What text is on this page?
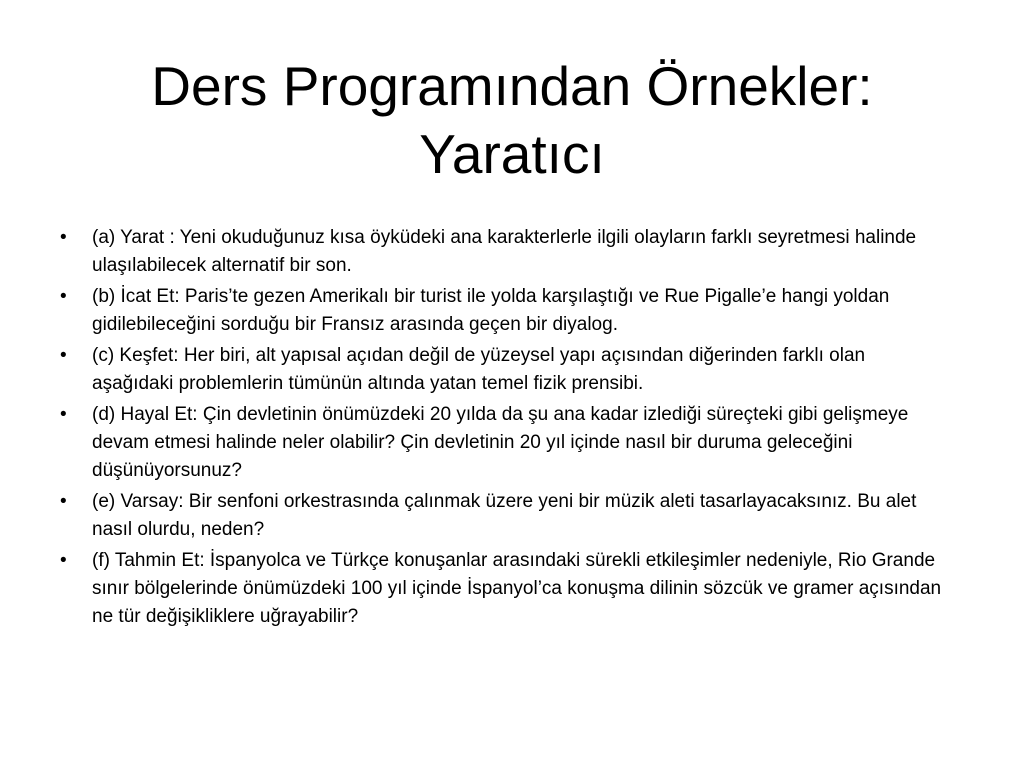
Ders Programından Örnekler:
Yaratıcı
•	(a) Yarat : Yeni okuduğunuz kısa öyküdeki ana karakterlerle ilgili olayların farklı seyretmesi halinde ulaşılabilecek alternatif bir son.
•	(b) İcat Et: Paris’te gezen Amerikalı bir turist ile yolda karşılaştığı ve Rue Pigalle’e hangi yoldan gidilebileceğini sorduğu bir Fransız arasında geçen bir diyalog.
•	(c) Keşfet: Her biri, alt yapısal açıdan değil de yüzeysel yapı açısından diğerinden farklı olan aşağıdaki problemlerin tümünün altında yatan temel fizik prensibi.
•	(d) Hayal Et: Çin devletinin önümüzdeki 20 yılda da şu ana kadar izlediği süreçteki gibi gelişmeye devam etmesi halinde neler olabilir? Çin devletinin 20 yıl içinde nasıl bir duruma geleceğini düşünüyorsunuz?
•	(e) Varsay: Bir senfoni orkestrasında çalınmak üzere yeni bir müzik aleti tasarlayacaksınız. Bu alet nasıl olurdu, neden?
•	(f) Tahmin Et: İspanyolca ve Türkçe konuşanlar arasındaki sürekli etkileşimler nedeniyle, Rio Grande sınır bölgelerinde önümüzdeki 100 yıl içinde İspanyol’ca konuşma dilinin sözcük ve gramer açısından ne tür değişikliklere uğrayabilir?
